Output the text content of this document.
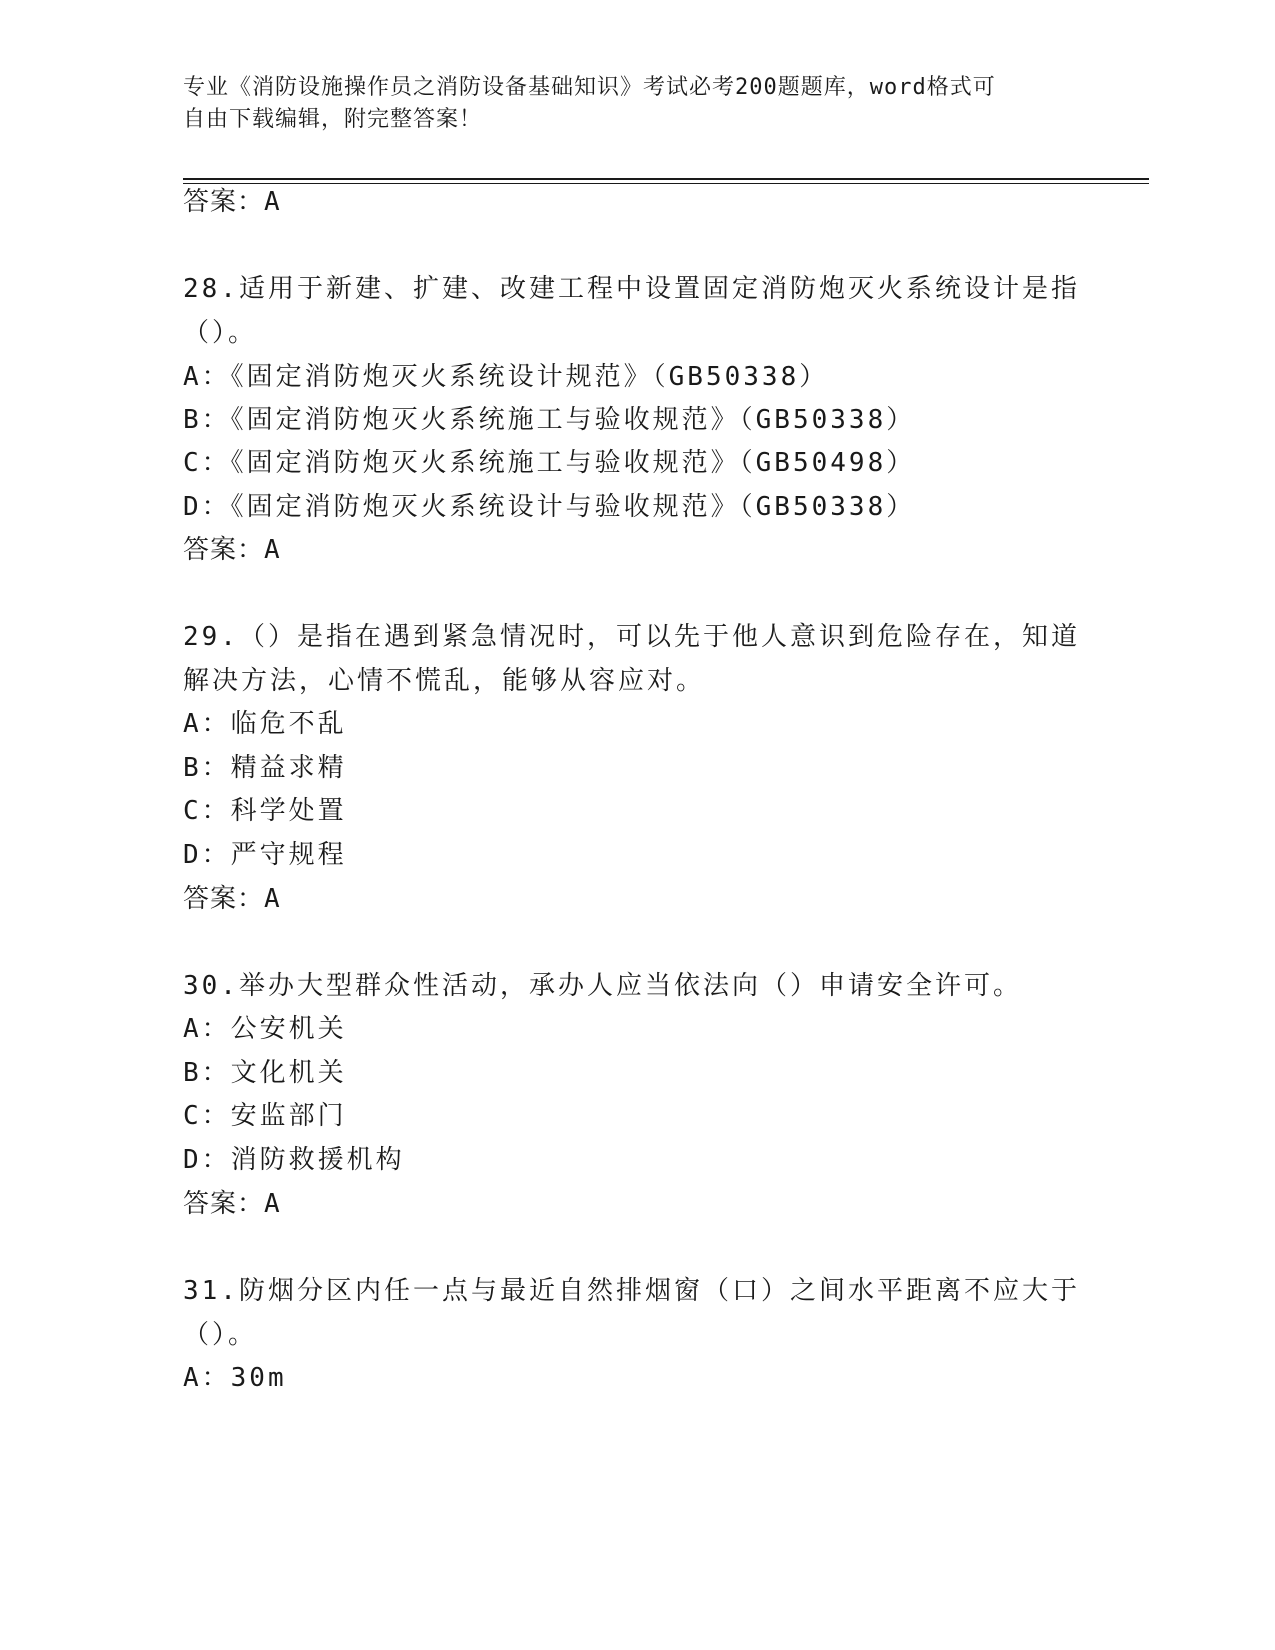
专业《消防设施操作员之消防设备基础知识》考试必考200题题库，word格式可
自由下载编辑，附完整答案！
答案：A
28.适用于新建、扩建、改建工程中设置固定消防炮灭火系统设计是指
（）。
A：《固定消防炮灭火系统设计规范》（GB50338）
B：《固定消防炮灭火系统施工与验收规范》（GB50338）
C：《固定消防炮灭火系统施工与验收规范》（GB50498）
D：《固定消防炮灭火系统设计与验收规范》（GB50338）
答案：A
29.（）是指在遇到紧急情况时，可以先于他人意识到危险存在，知道
解决方法，心情不慌乱，能够从容应对。
A：临危不乱
B：精益求精
C：科学处置
D：严守规程
答案：A
30.举办大型群众性活动，承办人应当依法向（）申请安全许可。
A：公安机关
B：文化机关
C：安监部门
D：消防救援机构
答案：A
31.防烟分区内任一点与最近自然排烟窗（口）之间水平距离不应大于
（）。
A：30m
